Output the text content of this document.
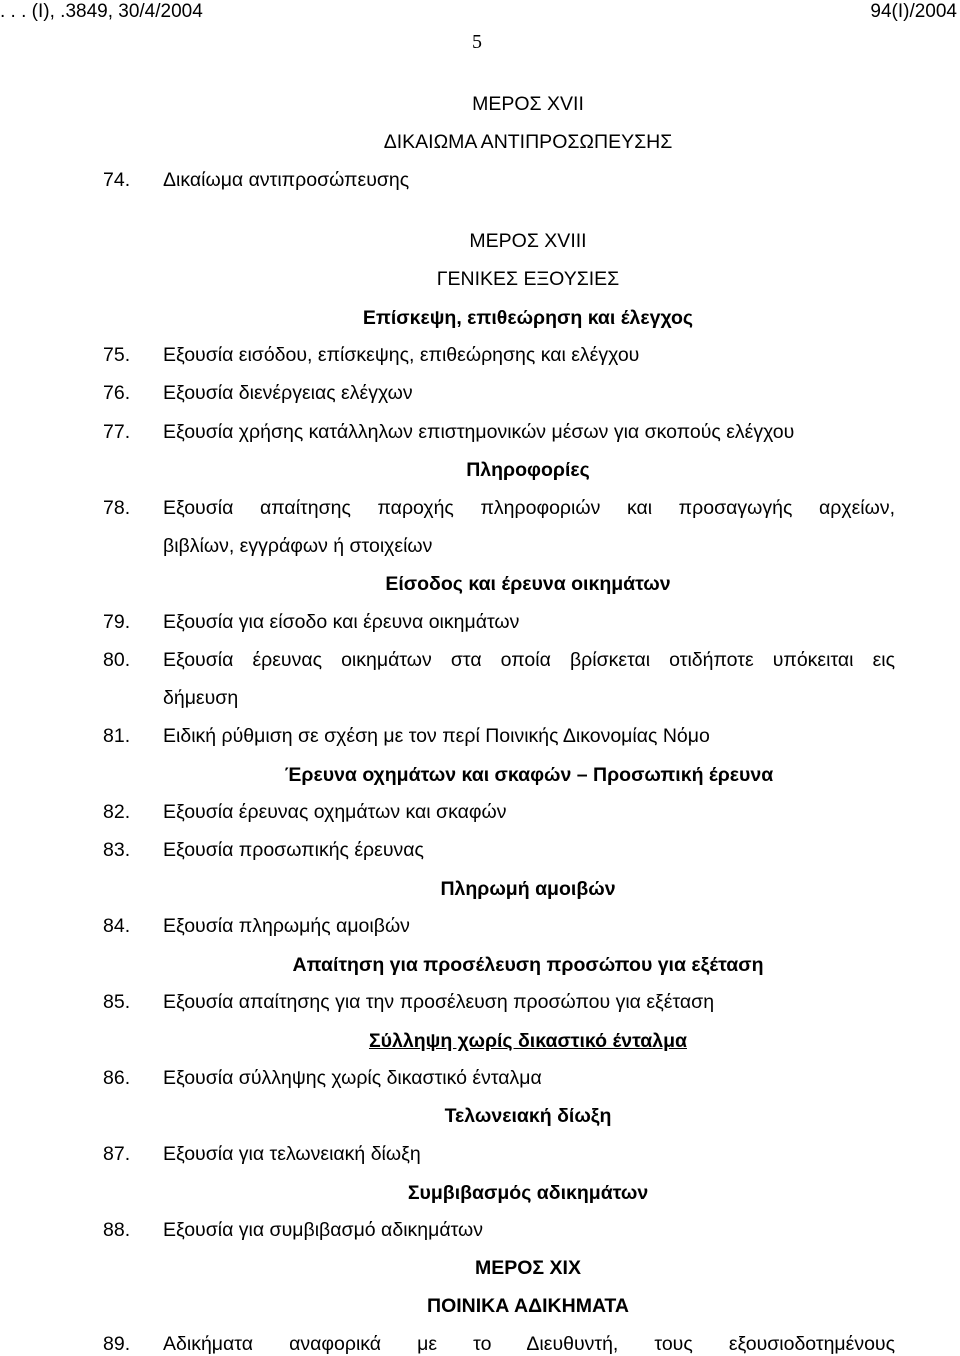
. . . (Ι), .3849, 30/4/2004	94(Ι)/2004
5
ΜΕΡΟΣ XVII
ΔΙΚΑΙΩΜΑ ΑΝΤΙΠΡΟΣΩΠΕΥΣΗΣ
74. Δικαίωμα αντιπροσώπευσης
ΜΕΡΟΣ XVIII
ΓΕΝΙΚΕΣ ΕΞΟΥΣΙΕΣ
Επίσκεψη, επιθεώρηση και έλεγχος
75. Εξουσία εισόδου, επίσκεψης, επιθεώρησης και ελέγχου
76. Εξουσία διενέργειας ελέγχων
77. Εξουσία χρήσης κατάλληλων επιστημονικών μέσων για σκοπούς ελέγχου
Πληροφορίες
78. Εξουσία απαίτησης παροχής πληροφοριών και προσαγωγής αρχείων,
βιβλίων, εγγράφων ή στοιχείων
Είσοδος και έρευνα οικημάτων
79. Εξουσία για είσοδο και έρευνα οικημάτων
80. Εξουσία έρευνας οικημάτων στα οποία βρίσκεται οτιδήποτε υπόκειται εις
δήμευση
81. Ειδική ρύθμιση σε σχέση με τον περί Ποινικής Δικονομίας Νόμο
Έρευνα οχημάτων και σκαφών – Προσωπική έρευνα
82. Εξουσία έρευνας οχημάτων και σκαφών
83. Εξουσία προσωπικής έρευνας
Πληρωμή αμοιβών
84. Εξουσία πληρωμής αμοιβών
Απαίτηση για προσέλευση προσώπου για εξέταση
85. Εξουσία απαίτησης για την προσέλευση προσώπου για εξέταση
Σύλληψη χωρίς δικαστικό ένταλμα
86. Εξουσία σύλληψης χωρίς δικαστικό ένταλμα
Τελωνειακή δίωξη
87. Εξουσία για τελωνειακή δίωξη
Συμβιβασμός αδικημάτων
88. Εξουσία για συμβιβασμό αδικημάτων
ΜΕΡΟΣ XIX
ΠΟΙΝΙΚΑ ΑΔΙΚΗΜΑΤΑ
89. Αδικήματα αναφορικά με το Διευθυντή, τους εξουσιοδοτημένους
